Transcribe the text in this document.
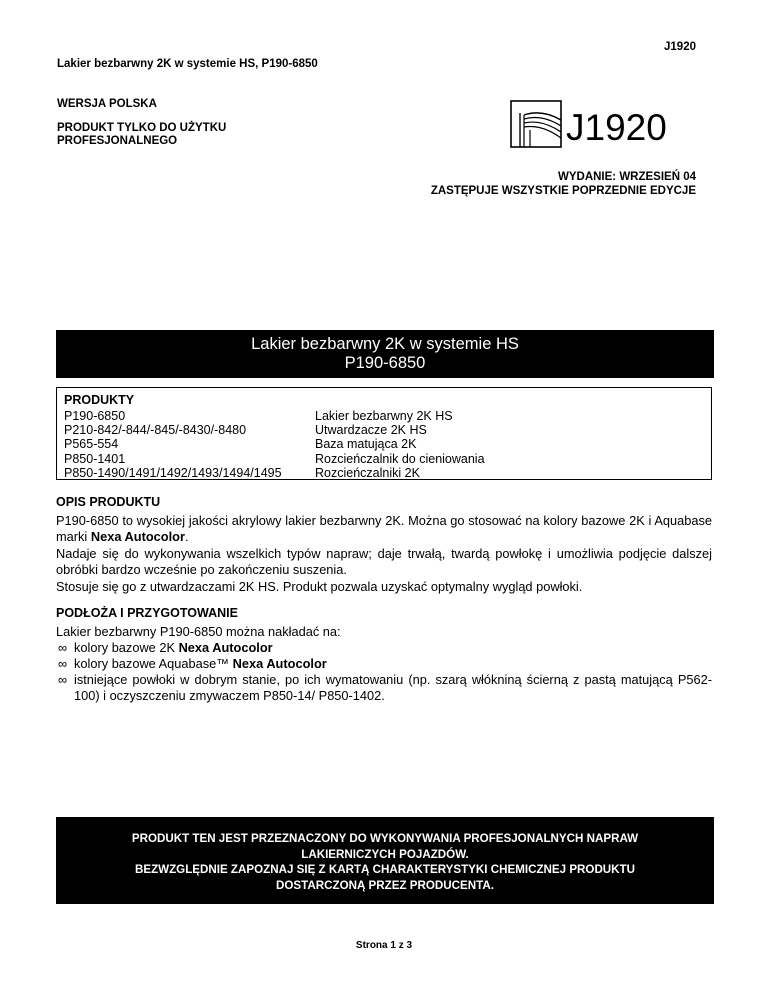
J1920
Lakier bezbarwny 2K w systemie HS, P190-6850
WERSJA POLSKA
PRODUKT TYLKO DO UŻYTKU
PROFESJONALNEGO	J1920
WYDANIE: WRZESIEŃ 04
ZASTĘPUJE WSZYSTKIE POPRZEDNIE EDYCJE
Lakier bezbarwny 2K w systemie HS
P190-6850
PRODUKTY
P190-6850
P210-842/-844/-845/-8430/-8480
P565-554
P850-1401
P850-1490/1491/1492/1493/1494/1495
Lakier bezbarwny 2K HS
Utwardzacze 2K HS
Baza matująca 2K
Rozcieńczalnik do cieniowania
Rozcieńczalniki 2K
OPIS PRODUKTU
P190-6850 to wysokiej jakości akrylowy lakier bezbarwny 2K. Można go stosować na kolory bazowe 2K i Aquabase marki Nexa Autocolor.
Nadaje się do wykonywania wszelkich typów napraw; daje trwałą, twardą powłokę i umożliwia podjęcie dalszej obróbki bardzo wcześnie po zakończeniu suszenia.
Stosuje się go z utwardzaczami 2K HS. Produkt pozwala uzyskać optymalny wygląd powłoki.
PODŁOŻA I PRZYGOTOWANIE
Lakier bezbarwny P190-6850 można nakładać na:
∞ kolory bazowe 2K Nexa Autocolor
∞ kolory bazowe Aquabase™ Nexa Autocolor
∞ istniejące powłoki w dobrym stanie, po ich wymatowaniu (np. szarą włókniną ścierną z pastą matującą P562-100) i oczyszczeniu zmywaczem P850-14/ P850-1402.
PRODUKT TEN JEST PRZEZNACZONY DO WYKONYWANIA PROFESJONALNYCH NAPRAW
LAKIERNICZYCH POJAZDÓW.
BEZWZGLĘDNIE ZAPOZNAJ SIĘ Z KARTĄ CHARAKTERYSTYKI CHEMICZNEJ PRODUKTU
DOSTARCZONĄ PRZEZ PRODUCENTA.
Strona 1 z 3
